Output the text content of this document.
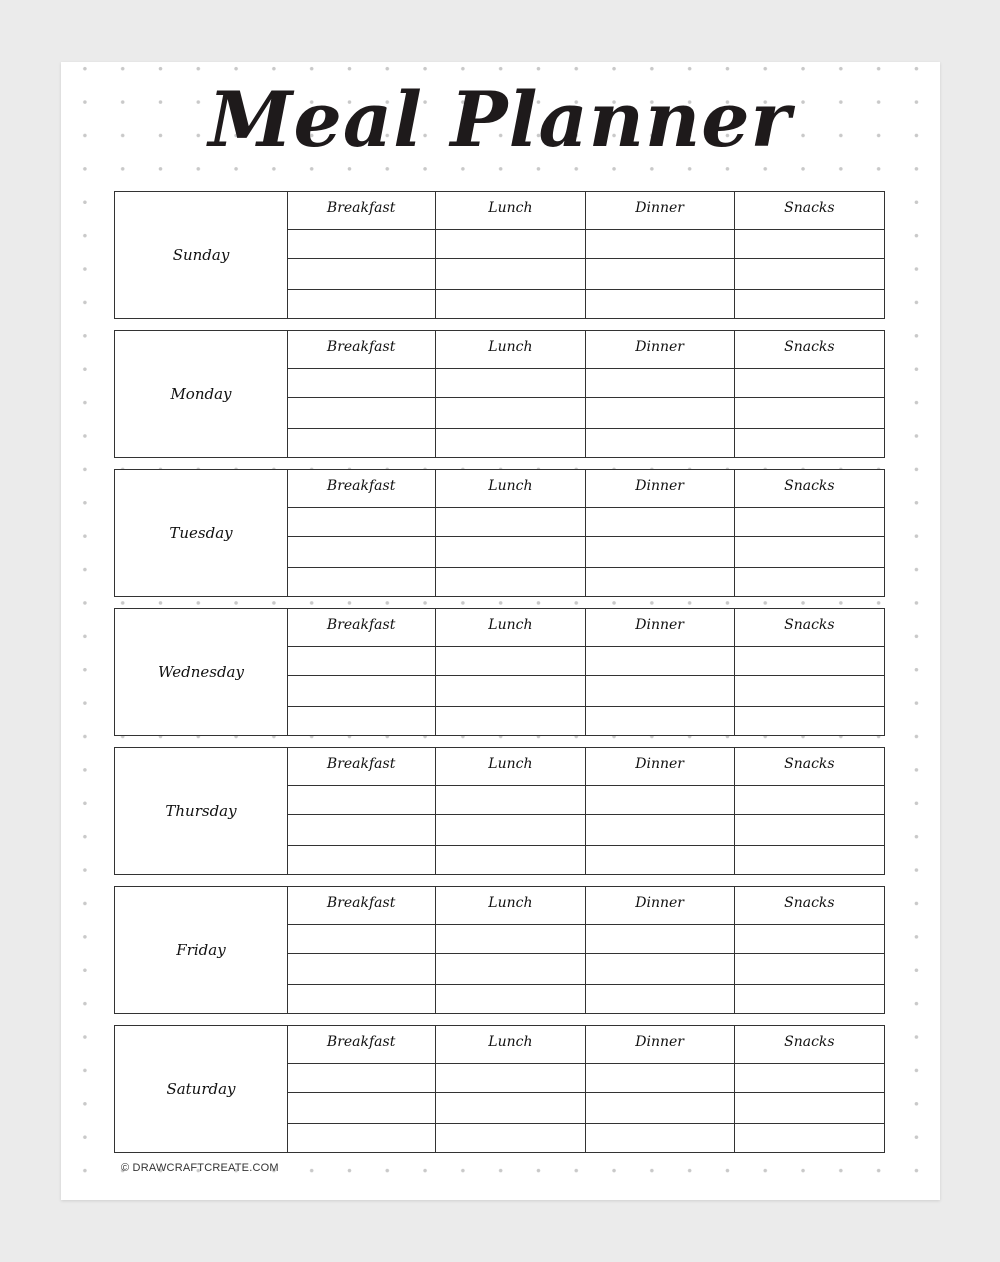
Meal Planner
Sunday
Breakfast	Lunch	Dinner	Snacks
Monday
Breakfast	Lunch	Dinner	Snacks
Tuesday
Breakfast	Lunch	Dinner	Snacks
Wednesday
Breakfast	Lunch	Dinner	Snacks
Thursday
Breakfast	Lunch	Dinner	Snacks
Friday
Breakfast	Lunch	Dinner	Snacks
Saturday
Breakfast	Lunch	Dinner	Snacks
© DRAWCRAFTCREATE.COM
